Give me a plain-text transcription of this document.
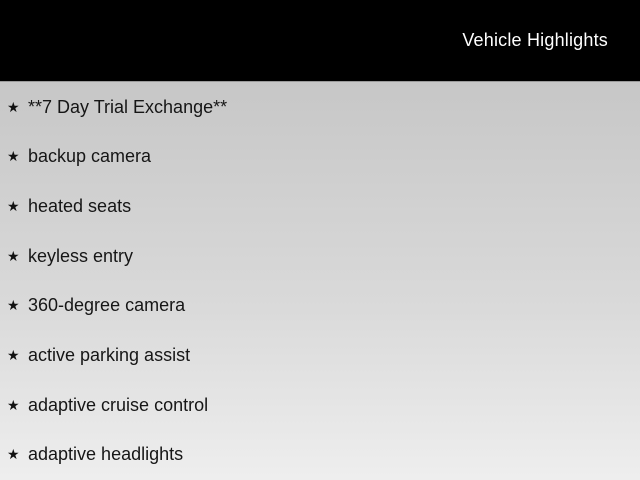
Vehicle Highlights
★ **7 Day Trial Exchange**
★ backup camera
★ heated seats
★ keyless entry
★ 360-degree camera
★ active parking assist
★ adaptive cruise control
★ adaptive headlights
